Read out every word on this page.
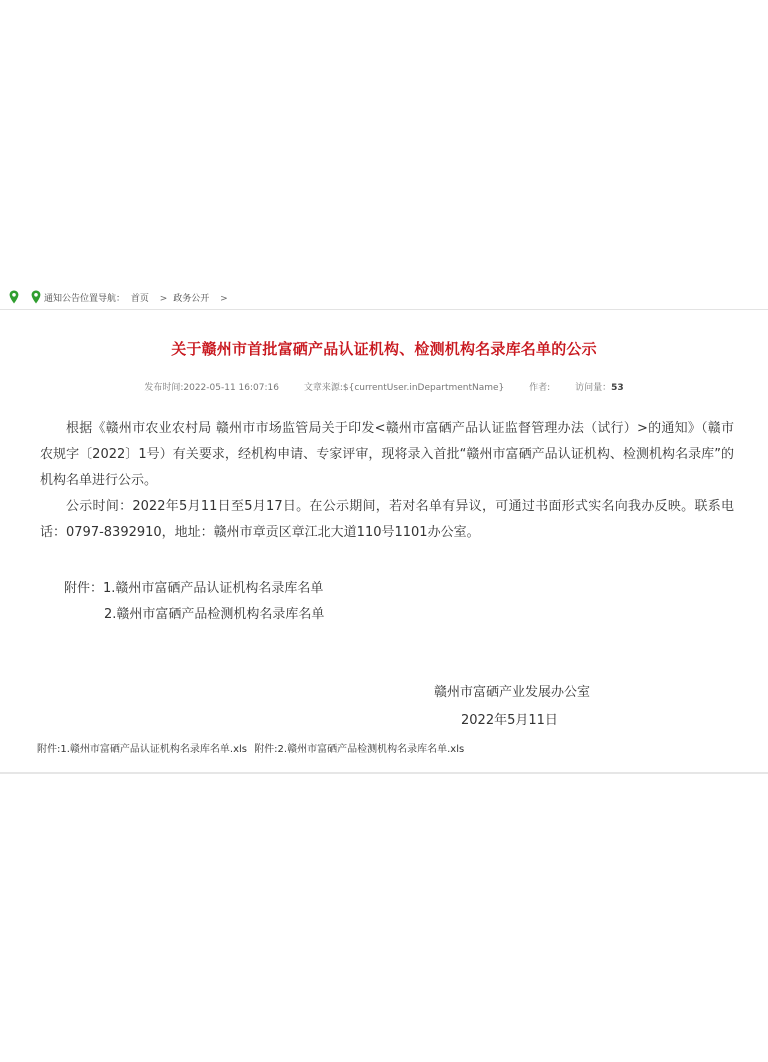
通知公告位置导航： 首页 > 政务公开 >
关于赣州市首批富硒产品认证机构、检测机构名录库名单的公示
发布时间:2022-05-11 16:07:16	文章来源:${currentUser.inDepartmentName}	作者:	访问量：53

根据《赣州市农业农村局 赣州市市场监管局关于印发<赣州市富硒产品认证监督管理办法（试行）>的通知》（赣市农规字〔2022〕1号）有关要求，经机构申请、专家评审，现将录入首批“赣州市富硒产品认证机构、检测机构名录库”的机构名单进行公示。

公示时间：2022年5月11日至5月17日。在公示期间，若对名单有异议，可通过书面形式实名向我办反映。联系电话：0797-8392910，地址：赣州市章贡区章江北大道110号1101办公室。

附件：1.赣州市富硒产品认证机构名录库名单
2.赣州市富硒产品检测机构名录库名单
赣州市富硒产业发展办公室
2022年5月11日
附件:1.赣州市富硒产品认证机构名录库名单.xls 附件:2.赣州市富硒产品检测机构名录库名单.xls
